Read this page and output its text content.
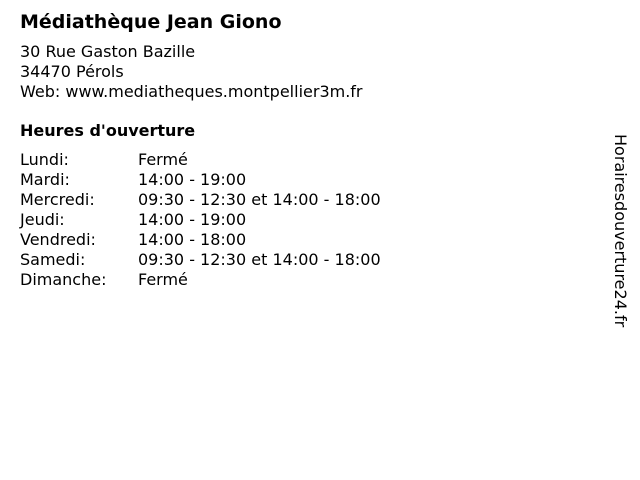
Médiathèque Jean Giono
30 Rue Gaston Bazille
34470 Pérols
Web: www.mediatheques.montpellier3m.fr
Heures d'ouverture
Lundi:	Fermé
Mardi:	14:00 - 19:00
Mercredi:	09:30 - 12:30 et 14:00 - 18:00
Jeudi:	14:00 - 19:00
Vendredi:	14:00 - 18:00
Samedi:	09:30 - 12:30 et 14:00 - 18:00
Dimanche:	Fermé	Horairesdouverture24.fr
